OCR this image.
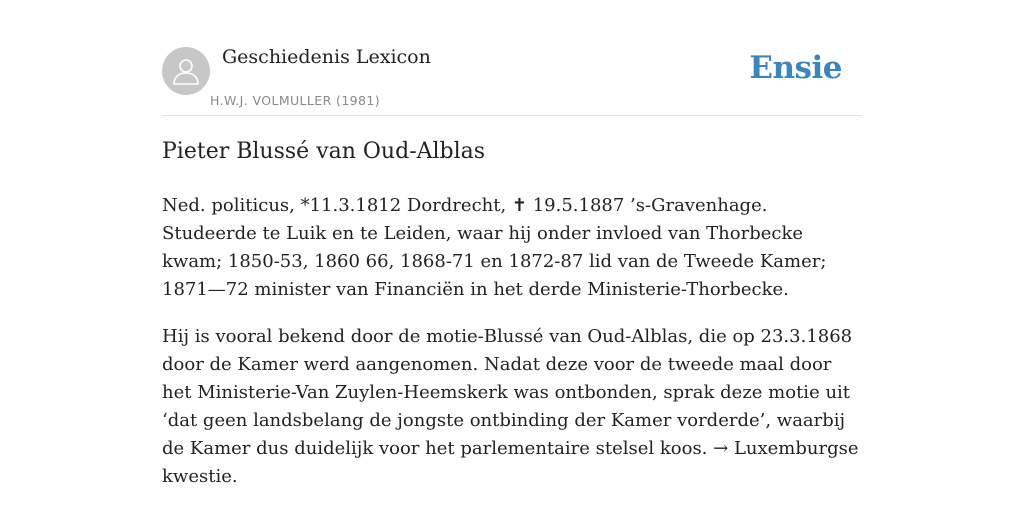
Geschiedenis Lexicon
H.W.J. VOLMULLER (1981)
Ensie
Pieter Blussé van Oud-Alblas

Ned. politicus, *11.3.1812 Dordrecht, ✝ 19.5.1887 ’s-Gravenhage. Studeerde te Luik en te Leiden, waar hij onder invloed van Thorbecke kwam; 1850-53, 1860 66, 1868-71 en 1872-87 lid van de Tweede Kamer; 1871—72 minister van Financiën in het derde Ministerie-Thorbecke.

Hij is vooral bekend door de motie-Blussé van Oud-Alblas, die op 23.3.1868 door de Kamer werd aangenomen. Nadat deze voor de tweede maal door het Ministerie-Van Zuylen-Heemskerk was ontbonden, sprak deze motie uit ‘dat geen landsbelang de jongste ontbinding der Kamer vorderde’, waarbij de Kamer dus duidelijk voor het parlementaire stelsel koos. → Luxemburgse kwestie.
